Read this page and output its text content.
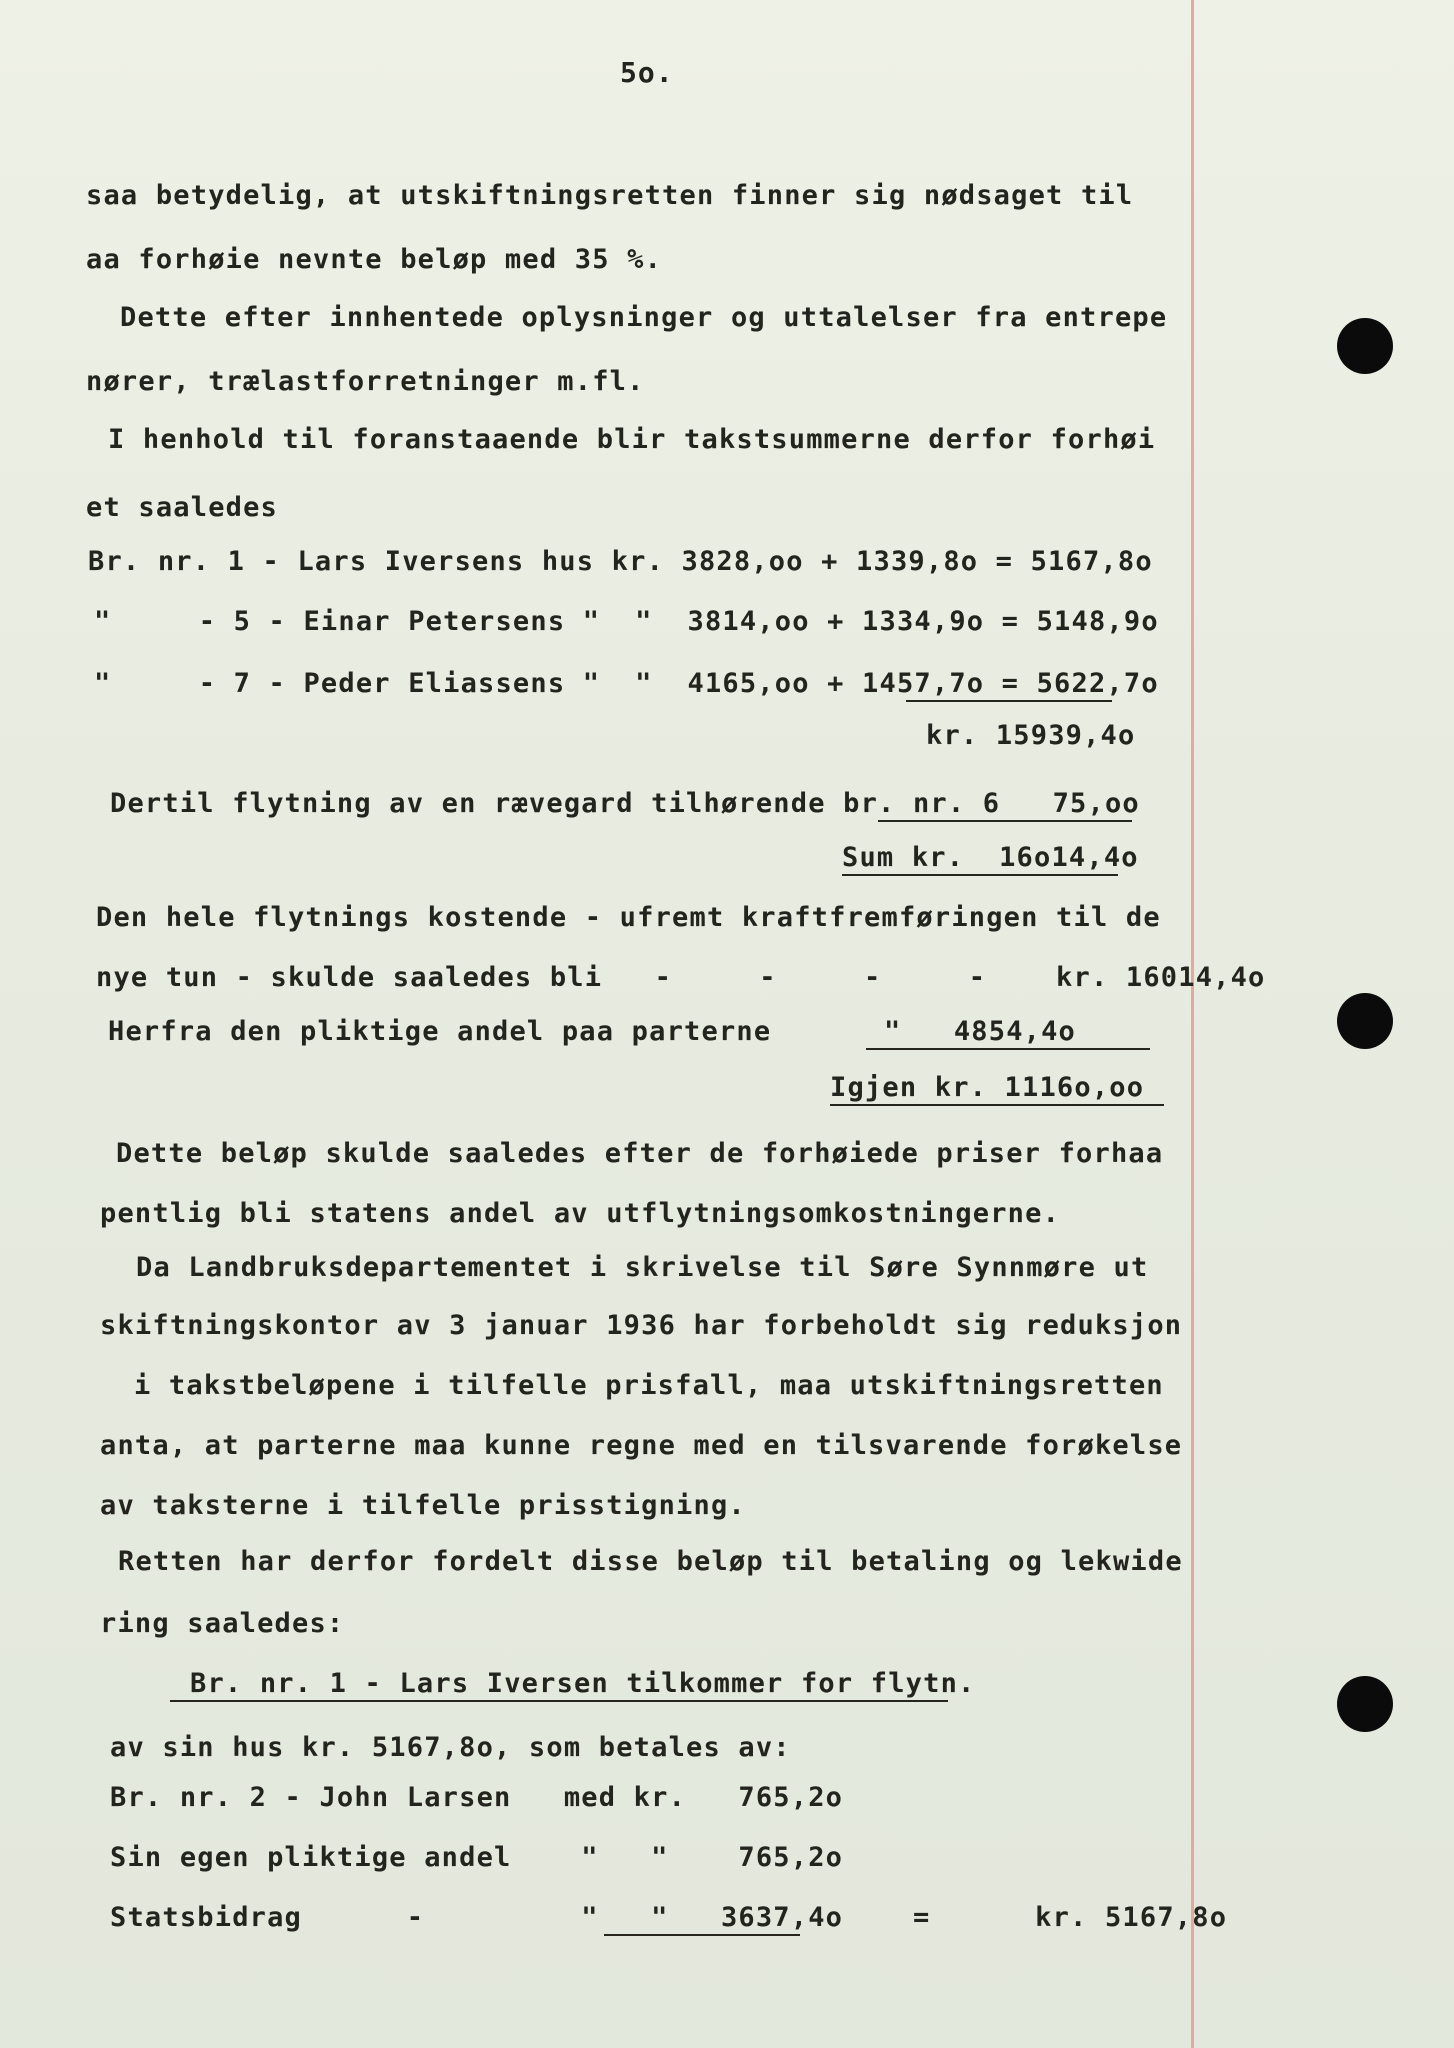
5o.
saa betydelig, at utskiftningsretten finner sig nødsaget til
aa forhøie nevnte beløp med 35 %.
Dette efter innhentede oplysninger og uttalelser fra entrepe
nører, trælastforretninger m.fl.
I henhold til foranstaaende blir takstsummerne derfor forhøi
et saaledes
Br. nr. 1 - Lars Iversens hus kr. 3828,oo + 1339,8o = 5167,8o
"     - 5 - Einar Petersens "  "  3814,oo + 1334,9o = 5148,9o
"     - 7 - Peder Eliassens "  "  4165,oo + 1457,7o = 5622,7o
kr. 15939,4o
Dertil flytning av en rævegard tilhørende br. nr. 6   75,oo
Sum kr.  16o14,4o
Den hele flytnings kostende - ufremt kraftfremføringen til de
nye tun - skulde saaledes bli   -     -     -     -    kr. 16014,4o
Herfra den pliktige andel paa parterne	"   4854,4o
Igjen kr. 1116o,oo
Dette beløp skulde saaledes efter de forhøiede priser forhaa
pentlig bli statens andel av utflytningsomkostningerne.
Da Landbruksdepartementet i skrivelse til Søre Synnmøre ut
skiftningskontor av 3 januar 1936 har forbeholdt sig reduksjon
i takstbeløpene i tilfelle prisfall, maa utskiftningsretten
anta, at parterne maa kunne regne med en tilsvarende forøkelse
av taksterne i tilfelle prisstigning.
Retten har derfor fordelt disse beløp til betaling og lekwide
ring saaledes:
Br. nr. 1 - Lars Iversen tilkommer for flytn.
av sin hus kr. 5167,8o, som betales av:
Br. nr. 2 - John Larsen   med kr.   765,2o
Sin egen pliktige andel    "   "    765,2o
Statsbidrag      -         "   "   3637,4o    =      kr. 5167,8o
